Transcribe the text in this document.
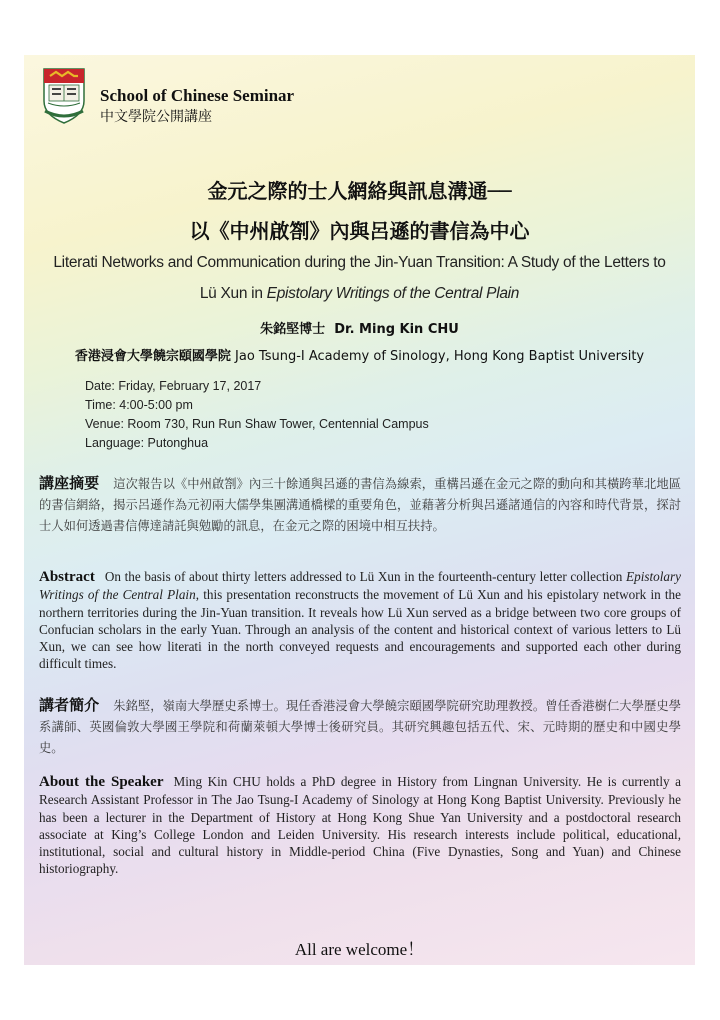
School of Chinese Seminar
中文學院公開講座
金元之際的士人網絡與訊息溝通──
以《中州啟劄》內與呂遜的書信為中心
Literati Networks and Communication during the Jin-Yuan Transition: A Study of the Letters to
Lü Xun in Epistolary Writings of the Central Plain
朱銘堅博士 Dr. Ming Kin CHU
香港浸會大學饒宗頤國學院 Jao Tsung-I Academy of Sinology, Hong Kong Baptist University
Date: Friday, February 17, 2017
Time: 4:00-5:00 pm
Venue: Room 730, Run Run Shaw Tower, Centennial Campus
Language: Putonghua
講座摘要 這次報告以《中州啟劄》內三十餘通與呂遜的書信為線索，重構呂遜在金元之際的動向和其橫跨華北地區的書信網絡，揭示呂遜作為元初兩大儒學集團溝通橋樑的重要角色，並藉著分析與呂遜諸通信的內容和時代背景，探討士人如何透過書信傳達請託與勉勵的訊息，在金元之際的困境中相互扶持。
Abstract On the basis of about thirty letters addressed to Lü Xun in the fourteenth-century letter collection Epistolary Writings of the Central Plain, this presentation reconstructs the movement of Lü Xun and his epistolary network in the northern territories during the Jin-Yuan transition. It reveals how Lü Xun served as a bridge between two core groups of Confucian scholars in the early Yuan. Through an analysis of the content and historical context of various letters to Lü Xun, we can see how literati in the north conveyed requests and encouragements and supported each other during difficult times.
講者簡介 朱銘堅，嶺南大學歷史系博士。現任香港浸會大學饒宗頤國學院研究助理教授。曾任香港樹仁大學歷史學系講師、英國倫敦大學國王學院和荷蘭萊頓大學博士後研究員。其研究興趣包括五代、宋、元時期的歷史和中國史學史。
About the Speaker Ming Kin CHU holds a PhD degree in History from Lingnan University. He is currently a Research Assistant Professor in The Jao Tsung-I Academy of Sinology at Hong Kong Baptist University. Previously he has been a lecturer in the Department of History at Hong Kong Shue Yan University and a postdoctoral research associate at King’s College London and Leiden University. His research interests include political, educational, institutional, social and cultural history in Middle-period China (Five Dynasties, Song and Yuan) and Chinese historiography.
All are welcome！
